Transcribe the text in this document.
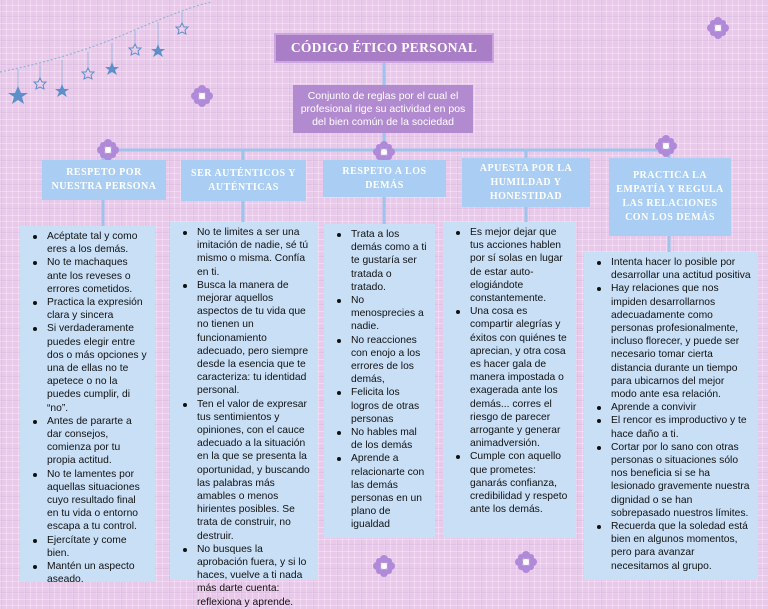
CÓDIGO ÉTICO PERSONAL
Conjunto de reglas por el cual el profesional rige su actividad en pos del bien común de la sociedad
RESPETO POR NUESTRA PERSONA
SER AUTÉNTICOS Y AUTÉNTICAS
RESPETO A LOS DEMÁS
APUESTA POR LA HUMILDAD Y HONESTIDAD
PRACTICA LA EMPATÍA Y REGULA LAS RELACIONES CON LOS DEMÁS
Acéptate tal y como eres a los demás.
No te machaques ante los reveses o errores cometidos.
Practica la expresión clara y sincera
Si verdaderamente puedes elegir entre dos o más opciones y una de ellas no te apetece o no la puedes cumplir, di “no”.
Antes de pararte a dar consejos, comienza por tu propia actitud.
No te lamentes por aquellas situaciones cuyo resultado final en tu vida o entorno escapa a tu control.
Ejercítate y come bien.
Mantén un aspecto aseado.
No te limites a ser una imitación de nadie, sé tú mismo o misma. Confía en ti.
Busca la manera de mejorar aquellos aspectos de tu vida que no tienen un funcionamiento adecuado, pero siempre desde la esencia que te caracteriza: tu identidad personal.
Ten el valor de expresar tus sentimientos y opiniones, con el cauce adecuado a la situación en la que se presenta la oportunidad, y buscando las palabras más amables o menos hirientes posibles. Se trata de construir, no destruir.
No busques la aprobación fuera, y si lo haces, vuelve a ti nada más darte cuenta: reflexiona y aprende.
Trata a los demás como a ti te gustaría ser tratada o tratado.
No menosprecies a nadie.
No reacciones con enojo a los errores de los demás,
Felicita los logros de otras personas
No hables mal de los demás
Aprende a relacionarte con las demás personas en un plano de igualdad
Es mejor dejar que tus acciones hablen por sí solas en lugar de estar auto-elogiándote constantemente.
Una cosa es compartir alegrías y éxitos con quiénes te aprecian, y otra cosa es hacer gala de manera impostada o exagerada ante los demás... corres el riesgo de parecer arrogante y generar animadversión.
Cumple con aquello que prometes: ganarás confianza, credibilidad y respeto ante los demás.
Intenta hacer lo posible por desarrollar una actitud positiva
Hay relaciones que nos impiden desarrollarnos adecuadamente como personas profesionalmente, incluso florecer, y puede ser necesario tomar cierta distancia durante un tiempo para ubicarnos del mejor modo ante esa relación.
Aprende a convivir
El rencor es improductivo y te hace daño a ti.
Cortar por lo sano con otras personas o situaciones sólo nos beneficia si se ha lesionado gravemente nuestra dignidad o se han sobrepasado nuestros límites.
Recuerda que la soledad está bien en algunos momentos, pero para avanzar necesitamos al grupo.
